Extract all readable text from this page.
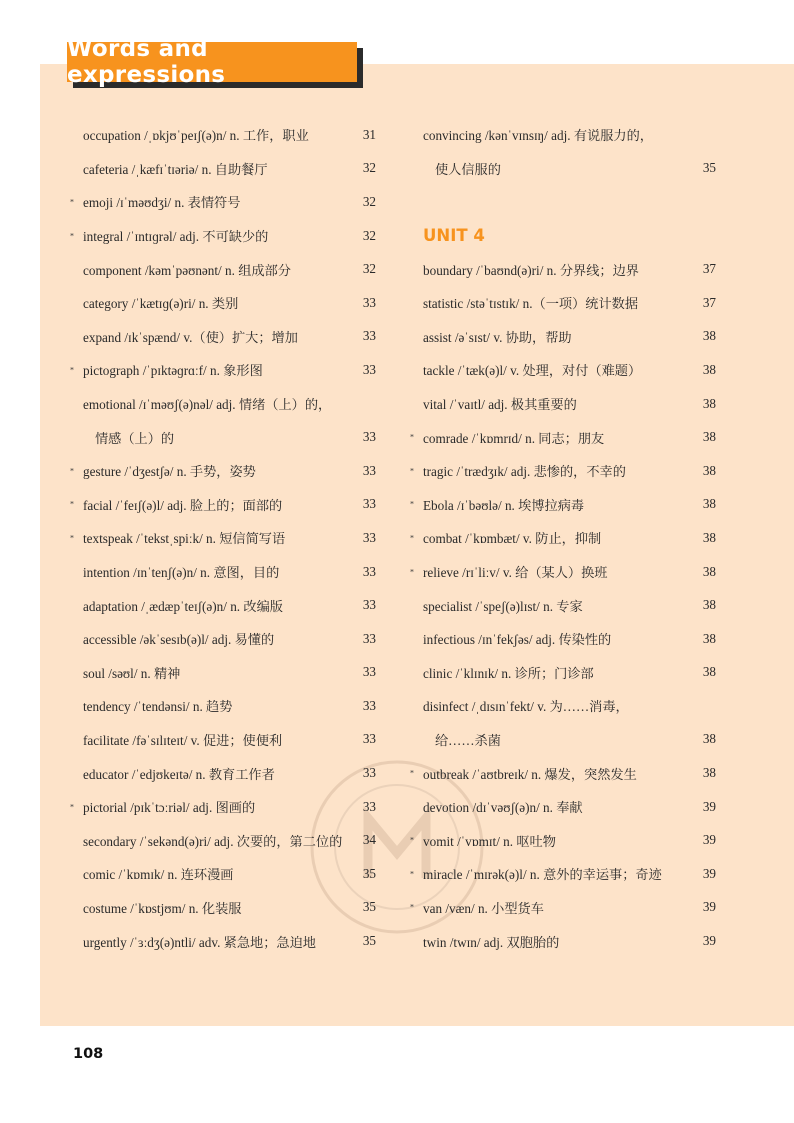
Words and expressions
occupation /ˌɒkjʊˈpeɪʃ(ə)n/ n. 工作，职业	31
cafeteria /ˌkæfɪˈtɪəriə/ n. 自助餐厅	32
* emoji /ɪˈməʊdʒi/ n. 表情符号	32
* integral /ˈɪntɪɡrəl/ adj. 不可缺少的	32
component /kəmˈpəʊnənt/ n. 组成部分	32
category /ˈkætɪɡ(ə)ri/ n. 类别	33
expand /ɪkˈspænd/ v.（使）扩大；增加	33
* pictograph /ˈpɪktəɡrɑːf/ n. 象形图	33
emotional /ɪˈməʊʃ(ə)nəl/ adj. 情绪（上）的，
情感（上）的	33
* gesture /ˈdʒestʃə/ n. 手势，姿势	33
* facial /ˈfeɪʃ(ə)l/ adj. 脸上的；面部的	33
* textspeak /ˈtekstˌspiːk/ n. 短信简写语	33
intention /ɪnˈtenʃ(ə)n/ n. 意图，目的	33
adaptation /ˌædæpˈteɪʃ(ə)n/ n. 改编版	33
accessible /əkˈsesɪb(ə)l/ adj. 易懂的	33
soul /səʊl/ n. 精神	33
tendency /ˈtendənsi/ n. 趋势	33
facilitate /fəˈsɪlɪteɪt/ v. 促进；使便利	33
educator /ˈedjʊkeɪtə/ n. 教育工作者	33
* pictorial /pɪkˈtɔːriəl/ adj. 图画的	33
secondary /ˈsekənd(ə)ri/ adj. 次要的，第二位的 34
comic /ˈkɒmɪk/ n. 连环漫画	35
costume /ˈkɒstjʊm/ n. 化装服	35
urgently /ˈɜːdʒ(ə)ntli/ adv. 紧急地；急迫地	35
convincing /kənˈvɪnsɪŋ/ adj. 有说服力的，
使人信服的	35
UNIT 4
boundary /ˈbaʊnd(ə)ri/ n. 分界线；边界	37
statistic /stəˈtɪstɪk/ n.（一项）统计数据	37
assist /əˈsɪst/ v. 协助，帮助	38
tackle /ˈtæk(ə)l/ v. 处理，对付（难题）	38
vital /ˈvaɪtl/ adj. 极其重要的	38
* comrade /ˈkɒmrɪd/ n. 同志；朋友	38
* tragic /ˈtrædʒɪk/ adj. 悲惨的，不幸的	38
* Ebola /ɪˈbəʊlə/ n. 埃博拉病毒	38
* combat /ˈkɒmbæt/ v. 防止，抑制	38
* relieve /rɪˈliːv/ v. 给（某人）换班	38
specialist /ˈspeʃ(ə)lɪst/ n. 专家	38
infectious /ɪnˈfekʃəs/ adj. 传染性的	38
clinic /ˈklɪnɪk/ n. 诊所；门诊部	38
disinfect /ˌdɪsɪnˈfekt/ v. 为……消毒，
给……杀菌	38
* outbreak /ˈaʊtbreɪk/ n. 爆发，突然发生	38
devotion /dɪˈvəʊʃ(ə)n/ n. 奉献	39
* vomit /ˈvɒmɪt/ n. 呕吐物	39
* miracle /ˈmɪrək(ə)l/ n. 意外的幸运事；奇迹	39
* van /væn/ n. 小型货车	39
twin /twɪn/ adj. 双胞胎的	39
108
